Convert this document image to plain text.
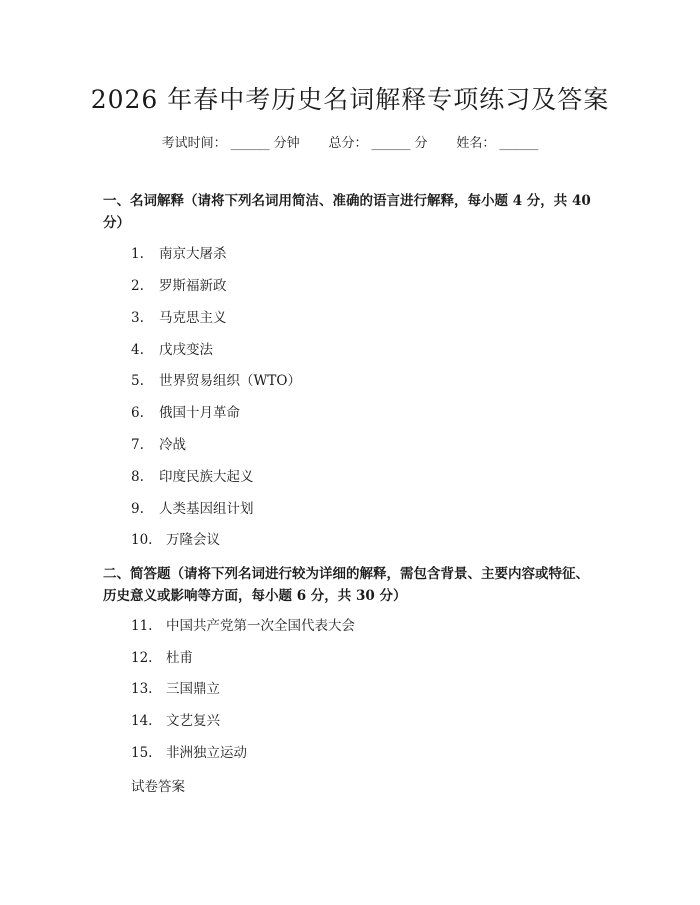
2026 年春中考历史名词解释专项练习及答案
考试时间： ______ 分钟 总分： ______ 分 姓名： ______
一、名词解释（请将下列名词用简洁、准确的语言进行解释，每小题 4 分，共 40 分）
1. 南京大屠杀
2. 罗斯福新政
3. 马克思主义
4. 戊戌变法
5. 世界贸易组织（WTO）
6. 俄国十月革命
7. 冷战
8. 印度民族大起义
9. 人类基因组计划
10. 万隆会议
二、简答题（请将下列名词进行较为详细的解释，需包含背景、主要内容或特征、历史意义或影响等方面，每小题 6 分，共 30 分）
11. 中国共产党第一次全国代表大会
12. 杜甫
13. 三国鼎立
14. 文艺复兴
15. 非洲独立运动
试卷答案
